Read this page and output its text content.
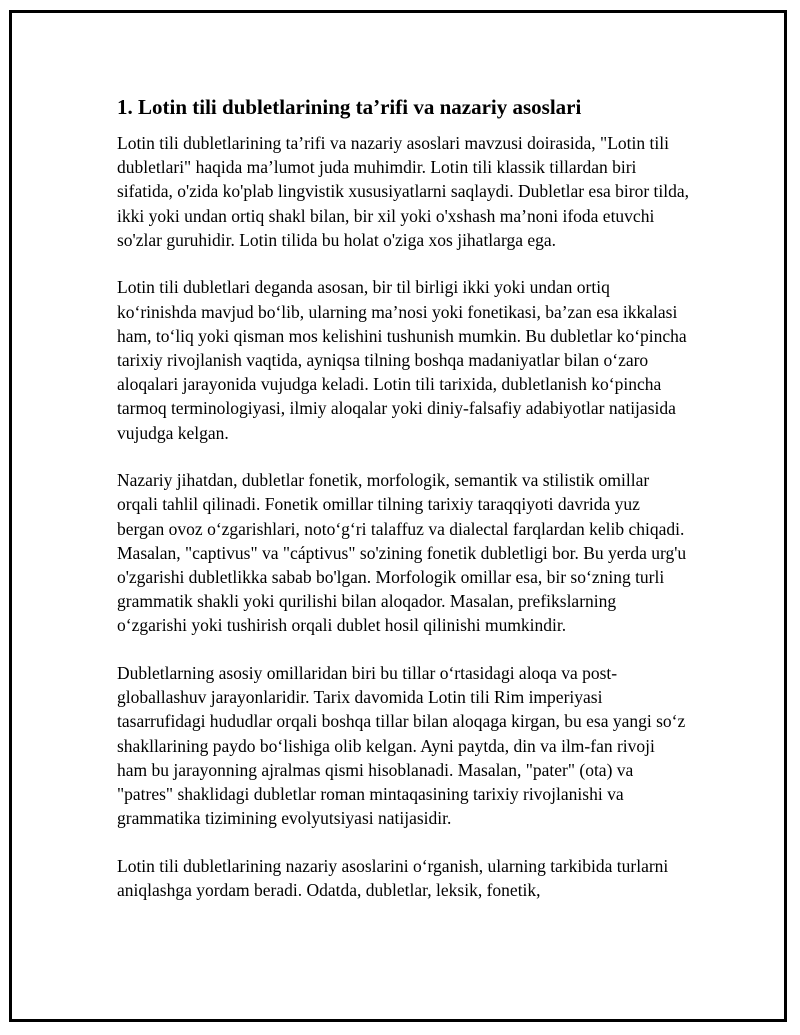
1. Lotin tili dubletlarining ta’rifi va nazariy asoslari

Lotin tili dubletlarining ta’rifi va nazariy asoslari mavzusi doirasida, "Lotin tili dubletlari" haqida ma’lumot juda muhimdir. Lotin tili klassik tillardan biri sifatida, o'zida ko'plab lingvistik xususiyatlarni saqlaydi. Dubletlar esa biror tilda, ikki yoki undan ortiq shakl bilan, bir xil yoki o'xshash ma’noni ifoda etuvchi so'zlar guruhidir. Lotin tilida bu holat o'ziga xos jihatlarga ega.

Lotin tili dubletlari deganda asosan, bir til birligi ikki yoki undan ortiq ko‘rinishda mavjud bo‘lib, ularning ma’nosi yoki fonetikasi, ba’zan esa ikkalasi ham, to‘liq yoki qisman mos kelishini tushunish mumkin. Bu dubletlar ko‘pincha tarixiy rivojlanish vaqtida, ayniqsa tilning boshqa madaniyatlar bilan o‘zaro aloqalari jarayonida vujudga keladi. Lotin tili tarixida, dubletlanish ko‘pincha tarmoq terminologiyasi, ilmiy aloqalar yoki diniy-falsafiy adabiyotlar natijasida vujudga kelgan.

Nazariy jihatdan, dubletlar fonetik, morfologik, semantik va stilistik omillar orqali tahlil qilinadi. Fonetik omillar tilning tarixiy taraqqiyoti davrida yuz bergan ovoz o‘zgarishlari, noto‘g‘ri talaffuz va dialectal farqlardan kelib chiqadi. Masalan, "captivus" va "cáptivus" so'zining fonetik dubletligi bor. Bu yerda urg'u o'zgarishi dubletlikka sabab bo'lgan. Morfologik omillar esa, bir so‘zning turli grammatik shakli yoki qurilishi bilan aloqador. Masalan, prefikslarning o‘zgarishi yoki tushirish orqali dublet hosil qilinishi mumkindir.

Dubletlarning asosiy omillaridan biri bu tillar o‘rtasidagi aloqa va post-globallashuv jarayonlaridir. Tarix davomida Lotin tili Rim imperiyasi tasarrufidagi hududlar orqali boshqa tillar bilan aloqaga kirgan, bu esa yangi so‘z shakllarining paydo bo‘lishiga olib kelgan. Ayni paytda, din va ilm-fan rivoji ham bu jarayonning ajralmas qismi hisoblanadi. Masalan, "pater" (ota) va "patres" shaklidagi dubletlar roman mintaqasining tarixiy rivojlanishi va grammatika tizimining evolyutsiyasi natijasidir.

Lotin tili dubletlarining nazariy asoslarini o‘rganish, ularning tarkibida turlarni aniqlashga yordam beradi. Odatda, dubletlar, leksik, fonetik,
